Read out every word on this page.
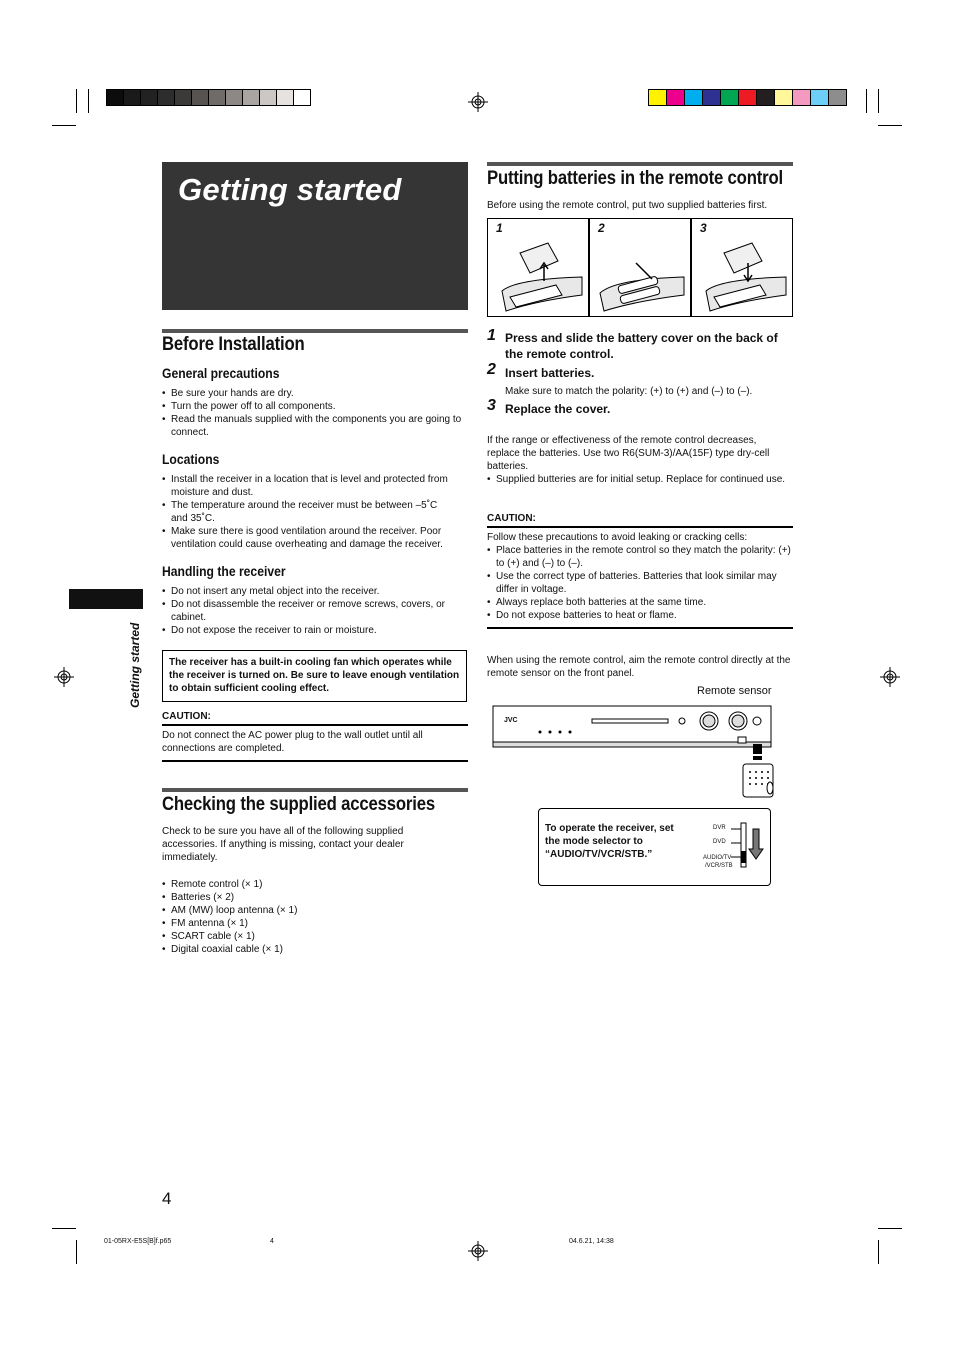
Getting started
Getting started
Before Installation
General precautions
• Be sure your hands are dry.
• Turn the power off to all components.
• Read the manuals supplied with the components you are going to connect.
Locations
• Install the receiver in a location that is level and protected from moisture and dust.
• The temperature around the receiver must be between –5˚C and 35˚C.
• Make sure there is good ventilation around the receiver. Poor ventilation could cause overheating and damage the receiver.
Handling the receiver
• Do not insert any metal object into the receiver.
• Do not disassemble the receiver or remove screws, covers, or cabinet.
• Do not expose the receiver to rain or moisture.
The receiver has a built-in cooling fan which operates while the receiver is turned on. Be sure to leave enough ventilation to obtain sufficient cooling effect.
CAUTION:
Do not connect the AC power plug to the wall outlet until all connections are completed.
Checking the supplied accessories
Check to be sure you have all of the following supplied accessories. If anything is missing, contact your dealer immediately.
• Remote control (× 1)
• Batteries (× 2)
• AM (MW) loop antenna (× 1)
• FM antenna (× 1)
• SCART cable (× 1)
• Digital coaxial cable (× 1)
Putting batteries in the remote control
Before using the remote control, put two supplied batteries first.
1	2	3
1 Press and slide the battery cover on the back of the remote control.
2 Insert batteries.
Make sure to match the polarity: (+) to (+) and (–) to (–).
3 Replace the cover.
If the range or effectiveness of the remote control decreases, replace the batteries. Use two R6(SUM-3)/AA(15F) type dry-cell batteries.
• Supplied butteries are for initial setup. Replace for continued use.
CAUTION:
Follow these precautions to avoid leaking or cracking cells:
• Place batteries in the remote control so they match the polarity: (+) to (+) and (–) to (–).
• Use the correct type of batteries. Batteries that look similar may differ in voltage.
• Always replace both batteries at the same time.
• Do not expose batteries to heat or flame.
When using the remote control, aim the remote control directly at the remote sensor on the front panel.
Remote sensor
JVC
To operate the receiver, set the mode selector to “AUDIO/TV/VCR/STB.”
DVR
DVD
AUDIO/TV
/VCR/STB
4
01-05RX-E5S[B]f.p65	4	04.6.21, 14:38
